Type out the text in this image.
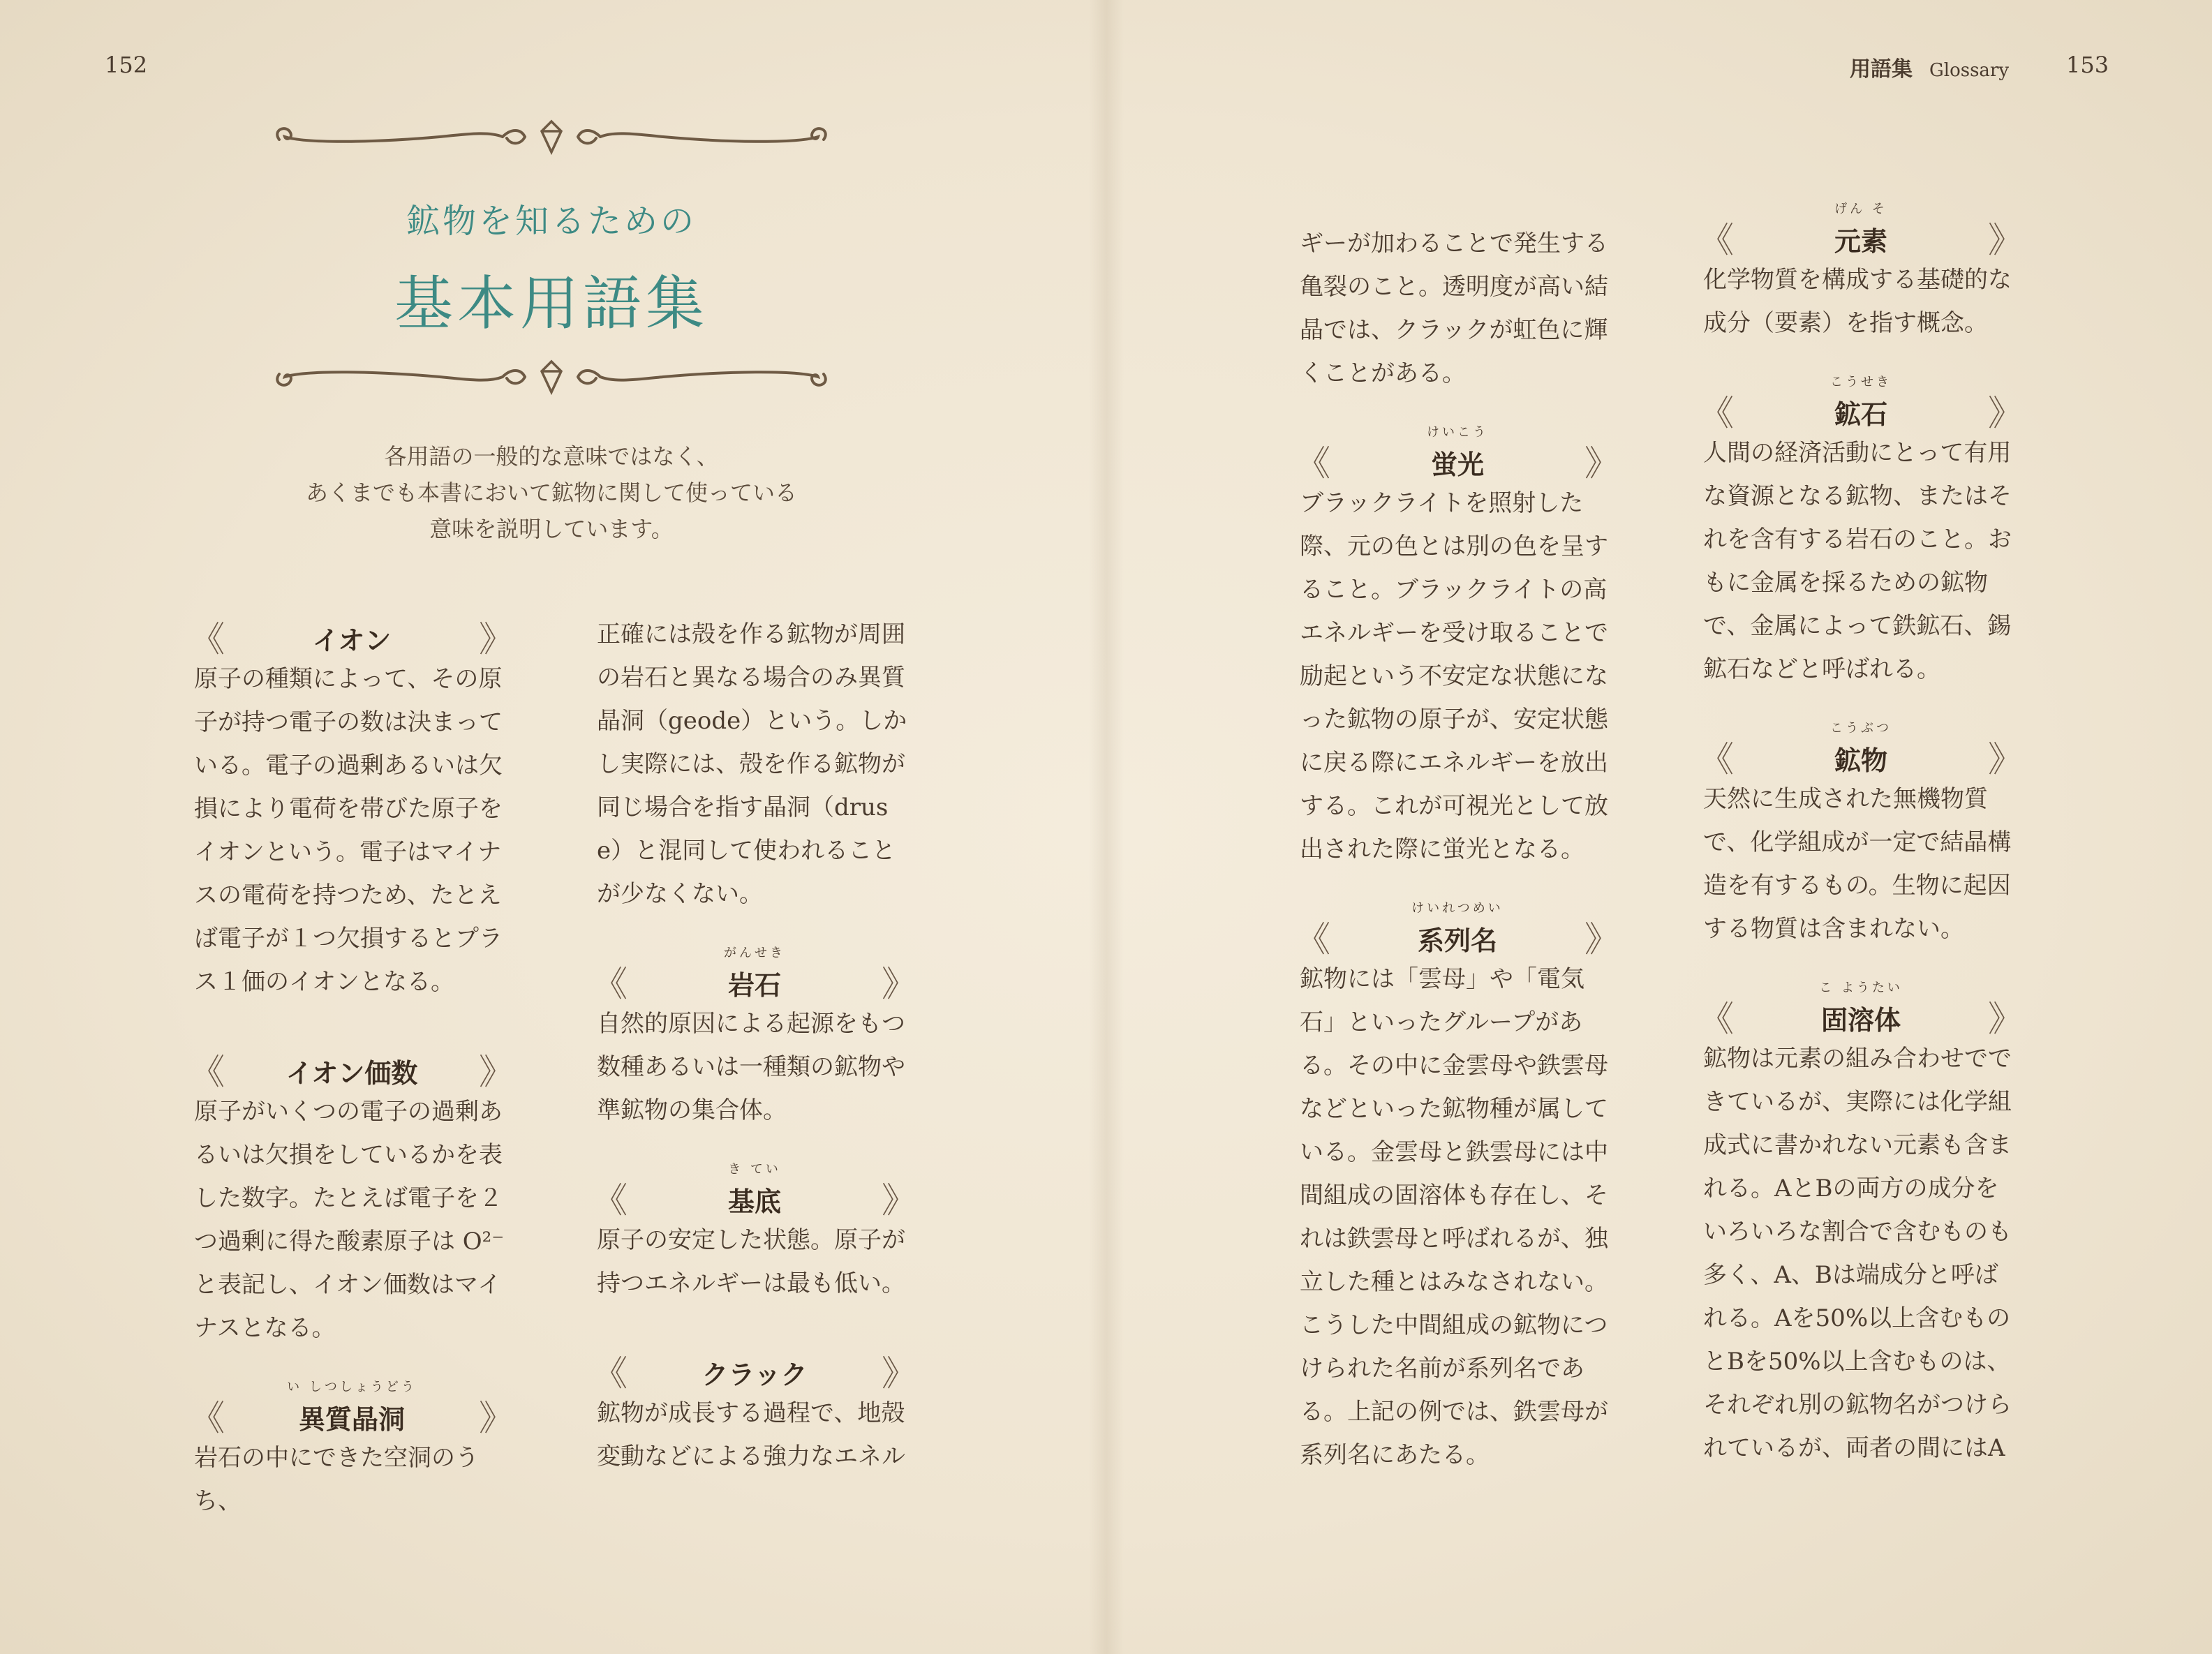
152	153
用語集 Glossary
鉱物を知るための
基本用語集
各用語の一般的な意味ではなく、
あくまでも本書において鉱物に関して使っている
意味を説明しています。
《	イオン	》

原子の種類によって、その原子が持つ電子の数は決まっている。電子の過剰あるいは欠損により電荷を帯びた原子をイオンという。電子はマイナスの電荷を持つため、たとえば電子が１つ欠損するとプラス１価のイオンとなる。

《	イオン価数	》

原子がいくつの電子の過剰あるいは欠損をしているかを表した数字。たとえば電子を２つ過剰に得た酸素原子は O²⁻ と表記し、イオン価数はマイナスとなる。

《
い しつしょうどう
異質晶洞	》

岩石の中にできた空洞のうち、

正確には殻を作る鉱物が周囲の岩石と異なる場合のみ異質晶洞（geode）という。しかし実際には、殻を作る鉱物が同じ場合を指す晶洞（druse）と混同して使われることが少なくない。

《
がんせき
岩石	》

自然的原因による起源をもつ数種あるいは一種類の鉱物や準鉱物の集合体。

《
き てい
基底	》

原子の安定した状態。原子が持つエネルギーは最も低い。

《	クラック	》

鉱物が成長する過程で、地殻変動などによる強力なエネル

ギーが加わることで発生する亀裂のこと。透明度が高い結晶では、クラックが虹色に輝くことがある。

《
けいこう
蛍光	》

ブラックライトを照射した際、元の色とは別の色を呈すること。ブラックライトの高エネルギーを受け取ることで励起という不安定な状態になった鉱物の原子が、安定状態に戻る際にエネルギーを放出する。これが可視光として放出された際に蛍光となる。

《
けいれつめい
系列名	》

鉱物には「雲母」や「電気石」といったグループがある。その中に金雲母や鉄雲母などといった鉱物種が属している。金雲母と鉄雲母には中間組成の固溶体も存在し、それは鉄雲母と呼ばれるが、独立した種とはみなされない。こうした中間組成の鉱物につけられた名前が系列名である。上記の例では、鉄雲母が系列名にあたる。

《
げん そ
元素	》

化学物質を構成する基礎的な成分（要素）を指す概念。

《
こうせき
鉱石	》

人間の経済活動にとって有用な資源となる鉱物、またはそれを含有する岩石のこと。おもに金属を採るための鉱物で、金属によって鉄鉱石、錫鉱石などと呼ばれる。

《
こうぶつ
鉱物	》

天然に生成された無機物質で、化学組成が一定で結晶構造を有するもの。生物に起因する物質は含まれない。

《
こ ようたい
固溶体	》

鉱物は元素の組み合わせでできているが、実際には化学組成式に書かれない元素も含まれる。AとBの両方の成分をいろいろな割合で含むものも多く、A、Bは端成分と呼ばれる。Aを50%以上含むものとBを50%以上含むものは、それぞれ別の鉱物名がつけられているが、両者の間にはA
